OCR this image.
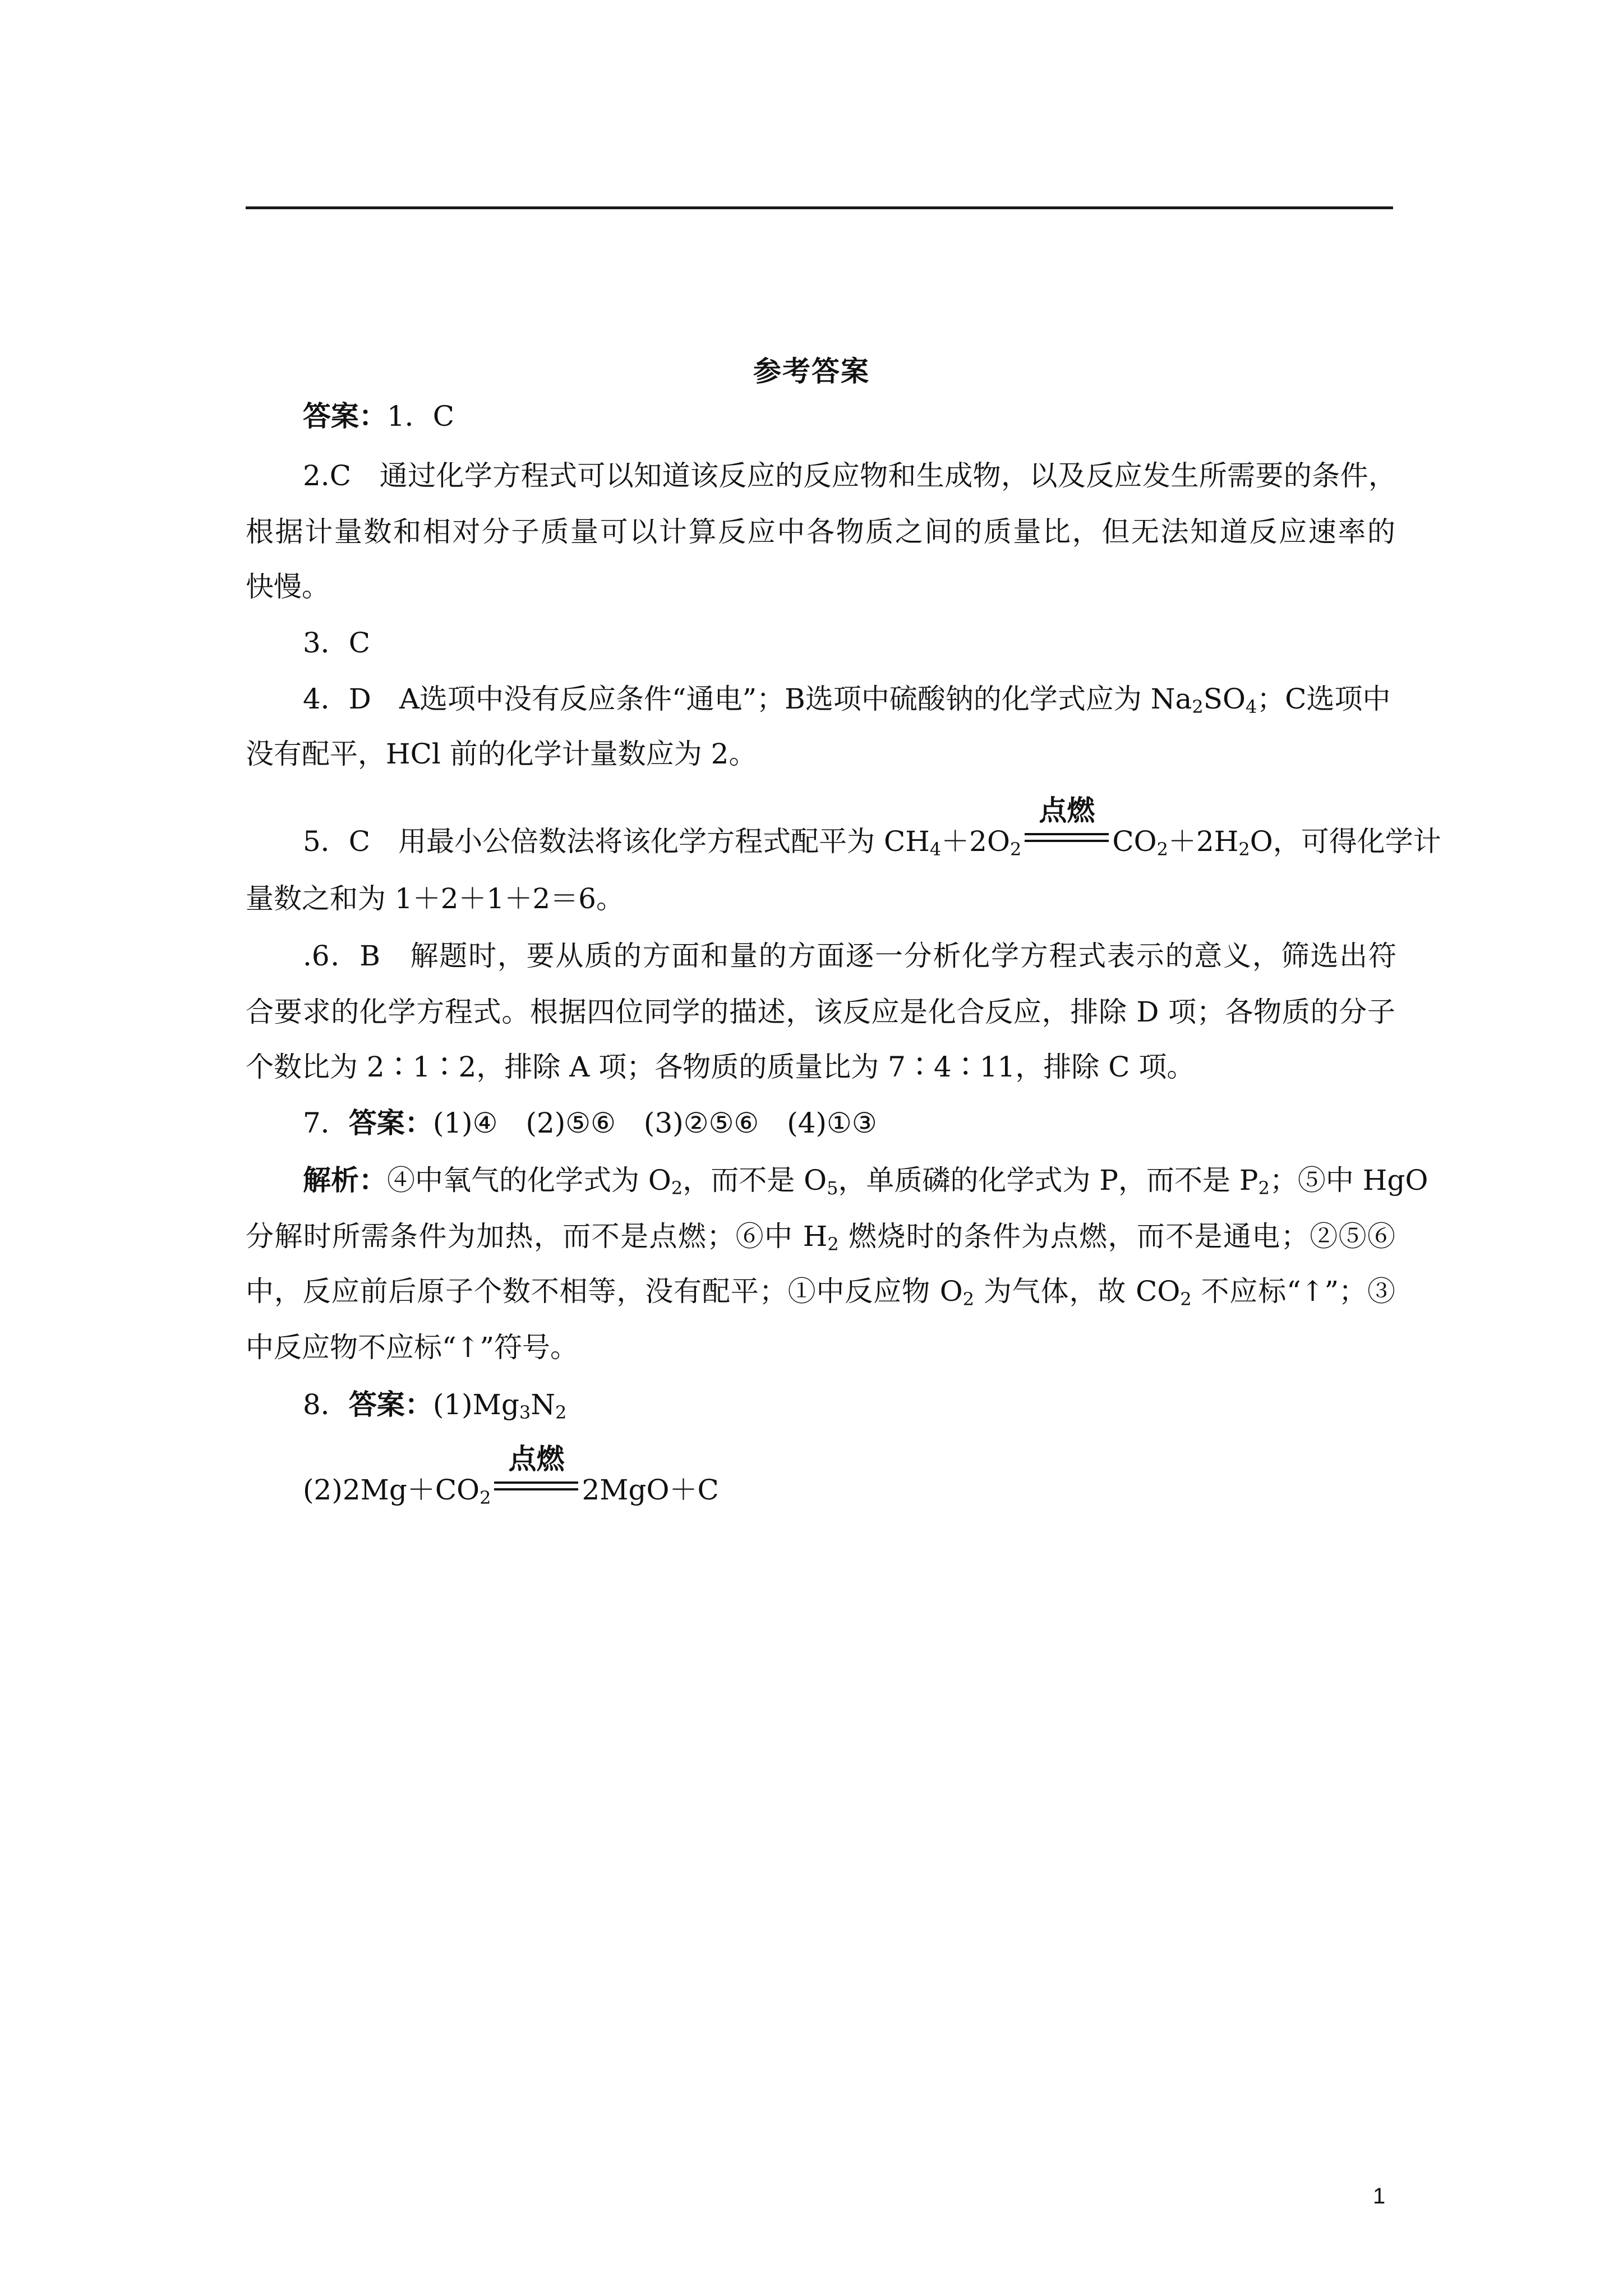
参考答案
答案：1．C
2.C　通过化学方程式可以知道该反应的反应物和生成物，以及反应发生所需要的条件，
根据计量数和相对分子质量可以计算反应中各物质之间的质量比，但无法知道反应速率的
快慢。
3．C
4．D　A选项中没有反应条件“通电”；B选项中硫酸钠的化学式应为 $Na_2SO_4$；C选项中
没有配平，HCl 前的化学计量数应为 2。
5．C　用最小公倍数法将该化学方程式配平为 $CH_4+2O_2$
点燃
$CO_2+2H_2O$，可得化学计
量数之和为 1＋2＋1＋2＝6。
.6．B　解题时，要从质的方面和量的方面逐一分析化学方程式表示的意义，筛选出符
合要求的化学方程式。根据四位同学的描述，该反应是化合反应，排除 D 项；各物质的分子
个数比为 2∶1∶2，排除 A 项；各物质的质量比为 7∶4∶11，排除 C 项。
7．答案：(1)④　(2)⑤⑥　(3)②⑤⑥　(4)①③
解析：④中氧气的化学式为 $O_2$，而不是 $O_5$，单质磷的化学式为 P，而不是 $P_2$；⑤中 HgO
分解时所需条件为加热，而不是点燃；⑥中 $H_2$ 燃烧时的条件为点燃，而不是通电；②⑤⑥
中，反应前后原子个数不相等，没有配平；①中反应物 $O_2$ 为气体，故 $CO_2$ 不应标“↑”；③
中反应物不应标“↑”符号。
8．答案：$(1)Mg_3N_2$
$(2)2Mg+CO_2$
点燃
2MgO＋C
1
